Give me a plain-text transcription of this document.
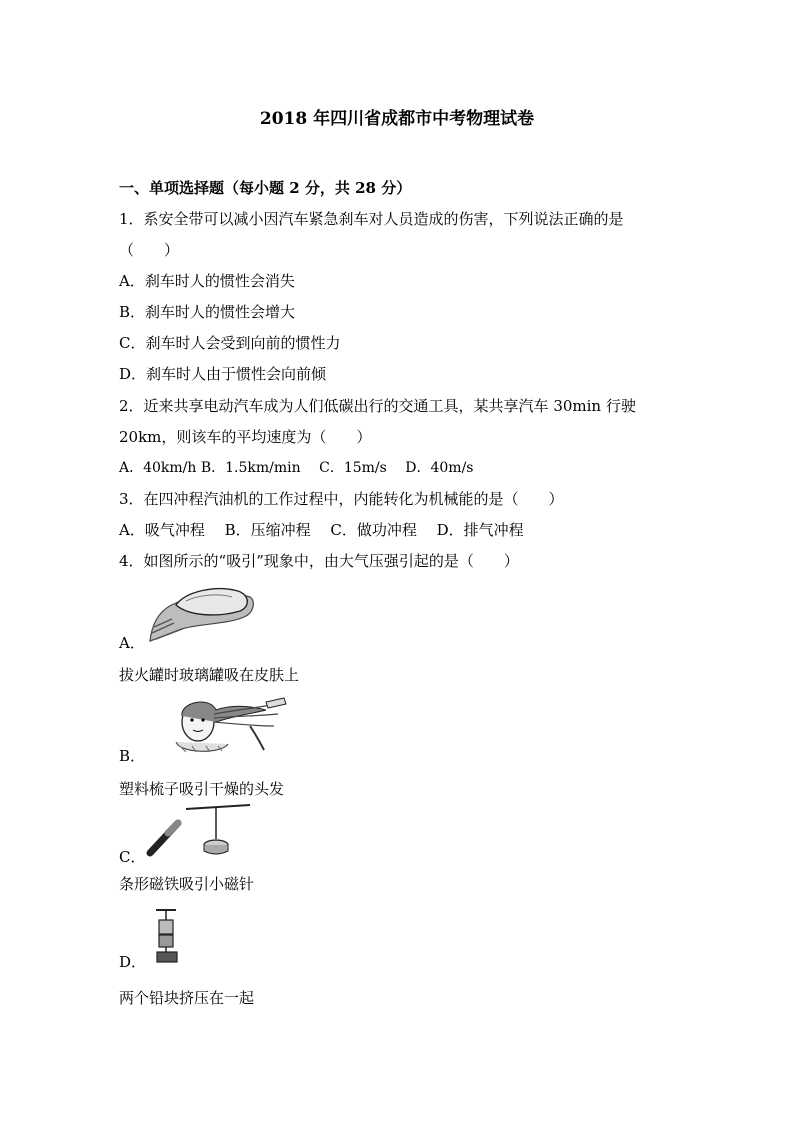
2018 年四川省成都市中考物理试卷
一、单项选择题（每小题 2 分，共 28 分）
1．系安全带可以减小因汽车紧急刹车对人员造成的伤害，下列说法正确的是
（　　）
A．刹车时人的惯性会消失
B．刹车时人的惯性会增大
C．刹车时人会受到向前的惯性力
D．刹车时人由于惯性会向前倾
2．近来共享电动汽车成为人们低碳出行的交通工具，某共享汽车 30min 行驶
20km，则该车的平均速度为（　　）
A．40km/h B．1.5km/min　 C．15m/s　 D．40m/s
3．在四冲程汽油机的工作过程中，内能转化为机械能的是（　　）
A．吸气冲程　 B．压缩冲程　 C．做功冲程　 D．排气冲程
4．如图所示的“吸引”现象中，由大气压强引起的是（　　）
A．
拔火罐时玻璃罐吸在皮肤上
B．
塑料梳子吸引干燥的头发
C．
条形磁铁吸引小磁针
D．
两个铅块挤压在一起
